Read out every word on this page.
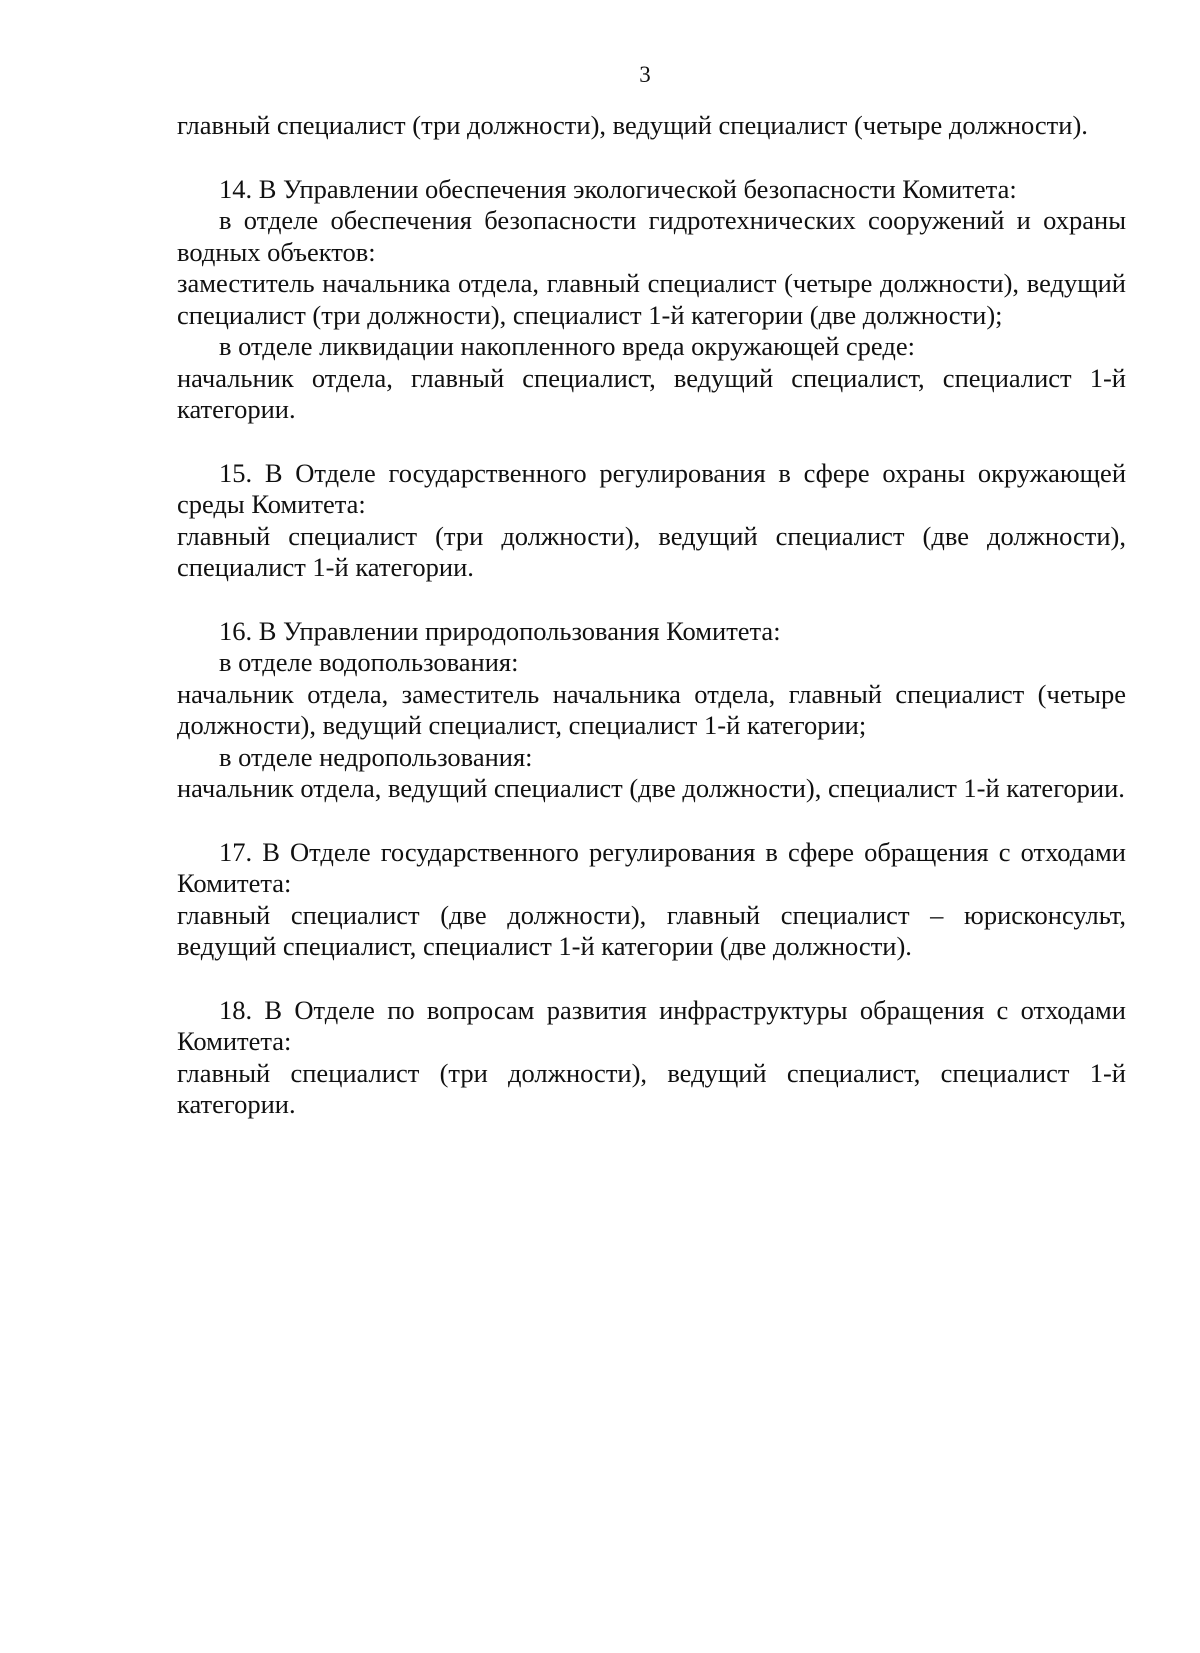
3

главный специалист (три должности), ведущий специалист (четыре должности).

14. В Управлении обеспечения экологической безопасности Комитета:

в отделе обеспечения безопасности гидротехнических сооружений и охраны водных объектов:

заместитель начальника отдела, главный специалист (четыре должности), ведущий специалист (три должности), специалист 1-й категории (две должности);

в отделе ликвидации накопленного вреда окружающей среде:

начальник отдела, главный специалист, ведущий специалист, специалист 1-й категории.

15. В Отделе государственного регулирования в сфере охраны окружающей среды Комитета:

главный специалист (три должности), ведущий специалист (две должности), специалист 1-й категории.

16. В Управлении природопользования Комитета:

в отделе водопользования:

начальник отдела, заместитель начальника отдела, главный специалист (четыре должности), ведущий специалист, специалист 1-й категории;

в отделе недропользования:

начальник отдела, ведущий специалист (две должности), специалист 1-й категории.

17. В Отделе государственного регулирования в сфере обращения с отходами Комитета:

главный специалист (две должности), главный специалист – юрисконсульт, ведущий специалист, специалист 1-й категории (две должности).

18. В Отделе по вопросам развития инфраструктуры обращения с отходами Комитета:

главный специалист (три должности), ведущий специалист, специалист 1-й категории.
